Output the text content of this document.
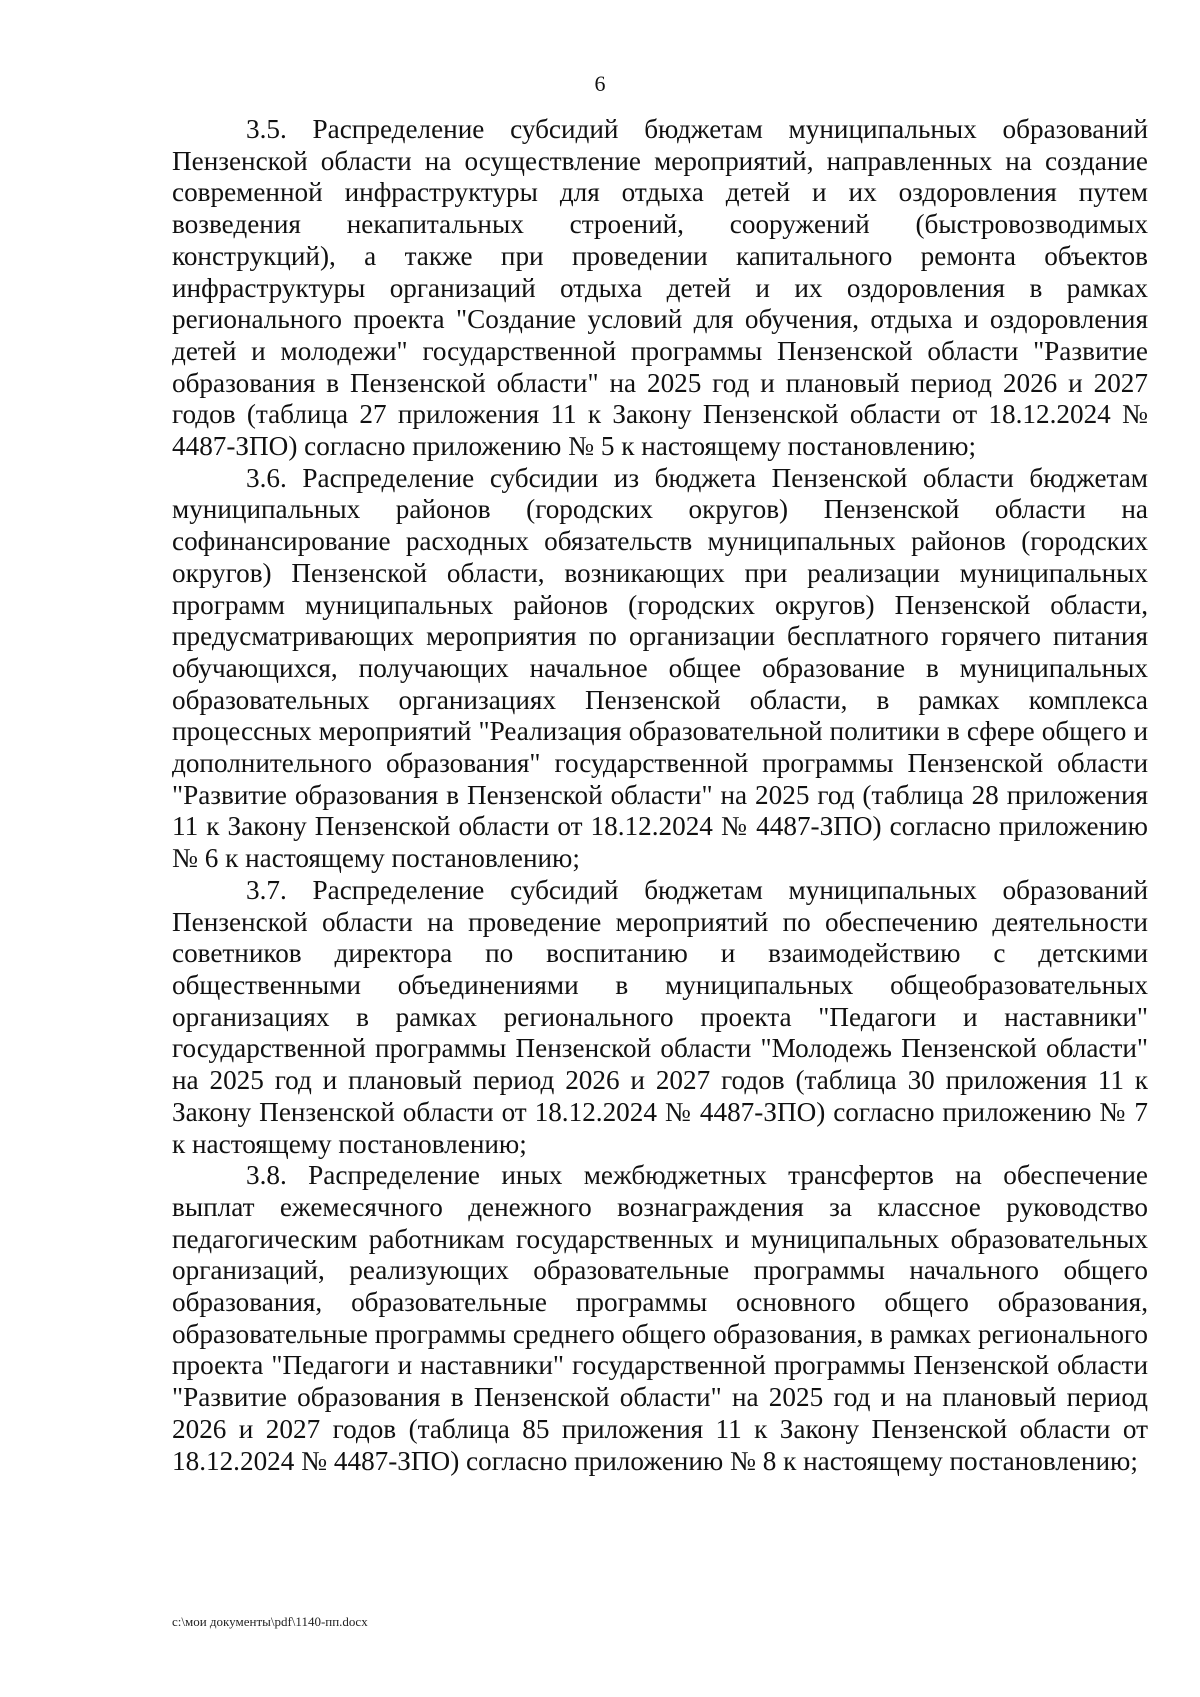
6

3.5. Распределение субсидий бюджетам муниципальных образований Пензенской области на осуществление мероприятий, направленных на создание современной инфраструктуры для отдыха детей и их оздоровления путем возведения некапитальных строений, сооружений (быстровозводимых конструкций), а также при проведении капитального ремонта объектов инфраструктуры организаций отдыха детей и их оздоровления в рамках регионального проекта "Создание условий для обучения, отдыха и оздоровления детей и молодежи" государственной программы Пензенской области "Развитие образования в Пензенской области" на 2025 год и плановый период 2026 и 2027 годов (таблица 27 приложения 11 к Закону Пензенской области от 18.12.2024 № 4487-ЗПО) согласно приложению № 5 к настоящему постановлению;

3.6. Распределение субсидии из бюджета Пензенской области бюджетам муниципальных районов (городских округов) Пензенской области на софинансирование расходных обязательств муниципальных районов (городских округов) Пензенской области, возникающих при реализации муниципальных программ муниципальных районов (городских округов) Пензенской области, предусматривающих мероприятия по организации бесплатного горячего питания обучающихся, получающих начальное общее образование в муниципальных образовательных организациях Пензенской области, в рамках комплекса процессных мероприятий "Реализация образовательной политики в сфере общего и дополнительного образования" государственной программы Пензенской области "Развитие образования в Пензенской области" на 2025 год (таблица 28 приложения 11 к Закону Пензенской области от 18.12.2024 № 4487-ЗПО) согласно приложению № 6 к настоящему постановлению;

3.7. Распределение субсидий бюджетам муниципальных образований Пензенской области на проведение мероприятий по обеспечению деятельности советников директора по воспитанию и взаимодействию с детскими общественными объединениями в муниципальных общеобразовательных организациях в рамках регионального проекта "Педагоги и наставники" государственной программы Пензенской области "Молодежь Пензенской области" на 2025 год и плановый период 2026 и 2027 годов (таблица 30 приложения 11 к Закону Пензенской области от 18.12.2024 № 4487-ЗПО) согласно приложению № 7 к настоящему постановлению;

3.8. Распределение иных межбюджетных трансфертов на обеспечение выплат ежемесячного денежного вознаграждения за классное руководство педагогическим работникам государственных и муниципальных образовательных организаций, реализующих образовательные программы начального общего образования, образовательные программы основного общего образования, образовательные программы среднего общего образования, в рамках регионального проекта "Педагоги и наставники" государственной программы Пензенской области "Развитие образования в Пензенской области" на 2025 год и на плановый период 2026 и 2027 годов (таблица 85 приложения 11 к Закону Пензенской области от 18.12.2024 № 4487-ЗПО) согласно приложению № 8 к настоящему постановлению;

c:\мои документы\pdf\1140-пп.docx
